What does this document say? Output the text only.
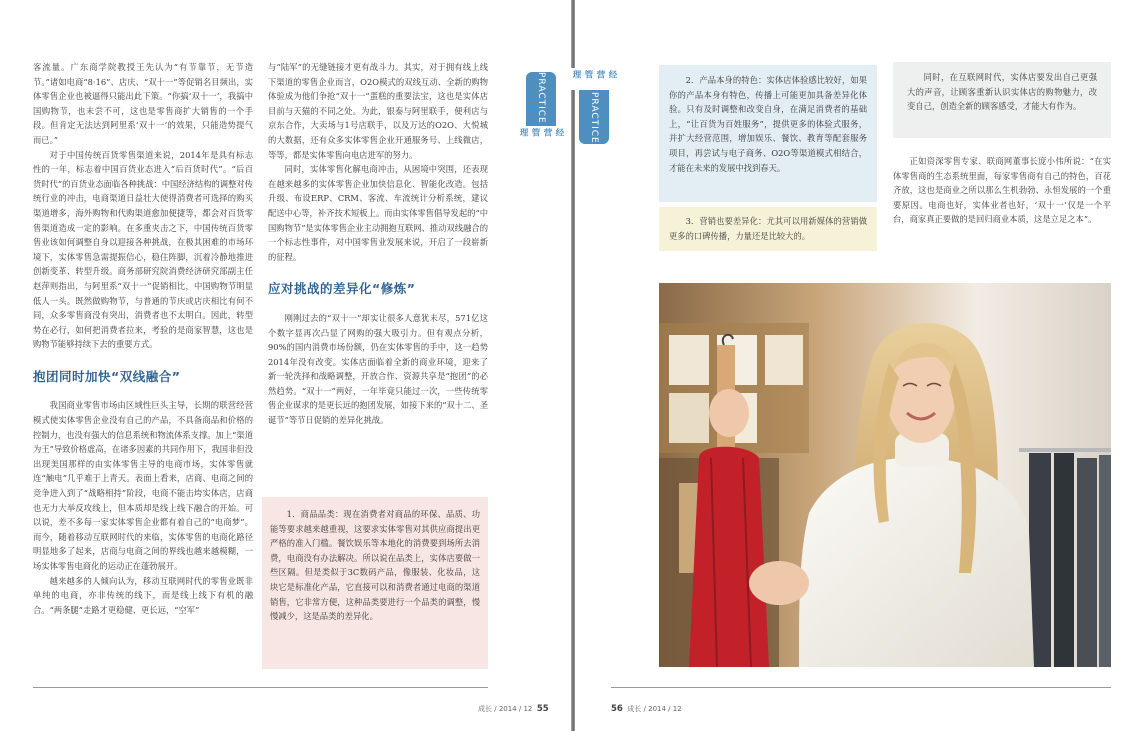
客流量。广东商学院教授王先认为“有节靠节，无节造节。”诸如电商“8·16”、店庆、“双十一”等促销名目频出，实体零售企业也被逼得只能出此下策。“你搞‘双十一’，我搞中国购物节，也未尝不可，这也是零售商扩大销售的一个手段。但肯定无法达到阿里系‘双十一’的效果，只能造势提气而已。”

对于中国传统百货零售渠道来说，2014年是具有标志性的一年，标志着中国百货业态进入“后百货时代”。“后百货时代”的百货业态面临各种挑战：中国经济结构的调整对传统行业的冲击，电商渠道日益壮大使得消费者可选择的购买渠道增多，海外购物和代购渠道愈加便捷等，都会对百货零售渠道造成一定的影响。在多重夹击之下，中国传统百货零售业该如何调整自身以迎接各种挑战，在极其困难的市场环境下，实体零售急需提振信心，稳住阵脚，沉着冷静地推进创新变革、转型升级。商务部研究院消费经济研究部副主任赵萍则指出，与阿里系“双十一”促销相比，中国购物节明显低人一头。既然做购物节，与普通的节庆或店庆相比有何不同，众多零售商没有突出，消费者也不太明白。因此，转型势在必行，如何把消费者拉来，考验的是商家智慧，这也是购物节能够持续下去的重要方式。

抱团同时加快“双线融合”

我国商业零售市场由区域性巨头主导，长期的联营经营模式使实体零售企业没有自己的产品，不具备商品和价格的控制力，也没有强大的信息系统和物流体系支撑。加上“渠道为王”导致价格虚高，在诸多因素的共同作用下，我国非但没出现美国那样的由实体零售主导的电商市场，实体零售就连“触电”几乎难于上青天。表面上看来，店商、电商之间的竞争进入到了“战略相持”阶段，电商不能击垮实体店，店商也无力大举反攻线上，但本质却是线上线下融合的开始。可以说，差不多每一家实体零售企业都有着自己的“电商梦”。而今，随着移动互联网时代的来临，实体零售的电商化路径明显地多了起来，店商与电商之间的界线也越来越模糊，一场实体零售电商化的运动正在蓬勃展开。

越来越多的人倾向认为，移动互联网时代的零售业既非单纯的电商，亦非传统的线下，而是线上线下有机的融合。“两条腿”走路才更稳健、更长远，“空军”

与“陆军”的无缝链接才更有战斗力。其实，对于拥有线上线下渠道的零售企业而言，O2O模式的双线互动、全新的购物体验成为他们争抢“双十一”蛋糕的重要法宝，这也是实体店目前与天猫的不同之处。为此，银泰与阿里联手，便利店与京东合作，大卖场与1号店联手，以及万达的O2O、大悦城的大数据，还有众多实体零售企业开通服务号、上线微店，等等，都是实体零售向电店进军的努力。

同时，实体零售化解电商冲击，从困境中突围，还表现在越来越多的实体零售企业加快信息化、智能化改造。包括升级、布设ERP、CRM、客流、车流统计分析系统，建议配送中心等，补齐技术短板上。而由实体零售倡导发起的“中国购物节”是实体零售企业主动拥抱互联网、推动双线融合的一个标志性事件，对中国零售业发展来说，开启了一段崭新的征程。

应对挑战的差异化“修炼”

刚刚过去的“双十一”却实让很多人意犹未尽，571亿这个数字显再次凸显了网购的强大吸引力。但有观点分析，90%的国内消费市场份额，仍在实体零售的手中，这一趋势2014年没有改变。实体店面临着全新的商业环境，迎来了新一轮洗择和战略调整，开放合作、资源共享是“抱团”的必然趋势。“双十一”两好，一年毕竟只能过一次，一些传统零售企业谋求的是更长远的抱团发展，如接下来的“双十二、圣诞节”等节日促销的差异化挑战。

1．商品品类：现在消费者对商品的环保、品质、功能等要求越来越重视，这要求实体零售对其供应商提出更严格的准入门槛。餐饮娱乐等本地化的消费要到场所去消费，电商没有办法解决。所以说在品类上，实体店要做一些区隔。但是类似于3C数码产品，像服装、化妆品，这块它是标准化产品，它直接可以和消费者通过电商的渠道销售，它非常方便，这种品类要进行一个品类的调整，慢慢减少，这是品类的差异化。

PRACTICE
经营管理
成长 / 2014 / 12 55
经营管理
PRACTICE

2．产品本身的特色：实体店体验感比较好，如果你的产品本身有特色，传播上可能更加具备差异化体验。只有及时调整和改变自身，在满足消费者的基础上，“让百货为百姓服务”，提供更多的体验式服务，并扩大经营范围，增加娱乐、餐饮、教育等配套服务项目，再尝试与电子商务、O2O等渠道模式相结合，才能在未来的发展中找到春天。

3．营销也要差异化：尤其可以用新媒体的营销做更多的口碑传播，力量还是比较大的。

同时，在互联网时代，实体店要发出自己更强大的声音，让顾客重新认识实体店的购物魅力，改变自己，创造全新的顾客感受，才能大有作为。

正如资深零售专家、联商网董事长庞小伟所说：“在实体零售商的生态系统里面，每家零售商有自己的特色，百花齐放，这也是商业之所以那么生机勃勃、永恒发展的一个重要原因。电商也好，实体业者也好，‘双十一’仅是一个平台，商家真正要做的是回归商业本质，这是立足之本”。

56 成长 / 2014 / 12
